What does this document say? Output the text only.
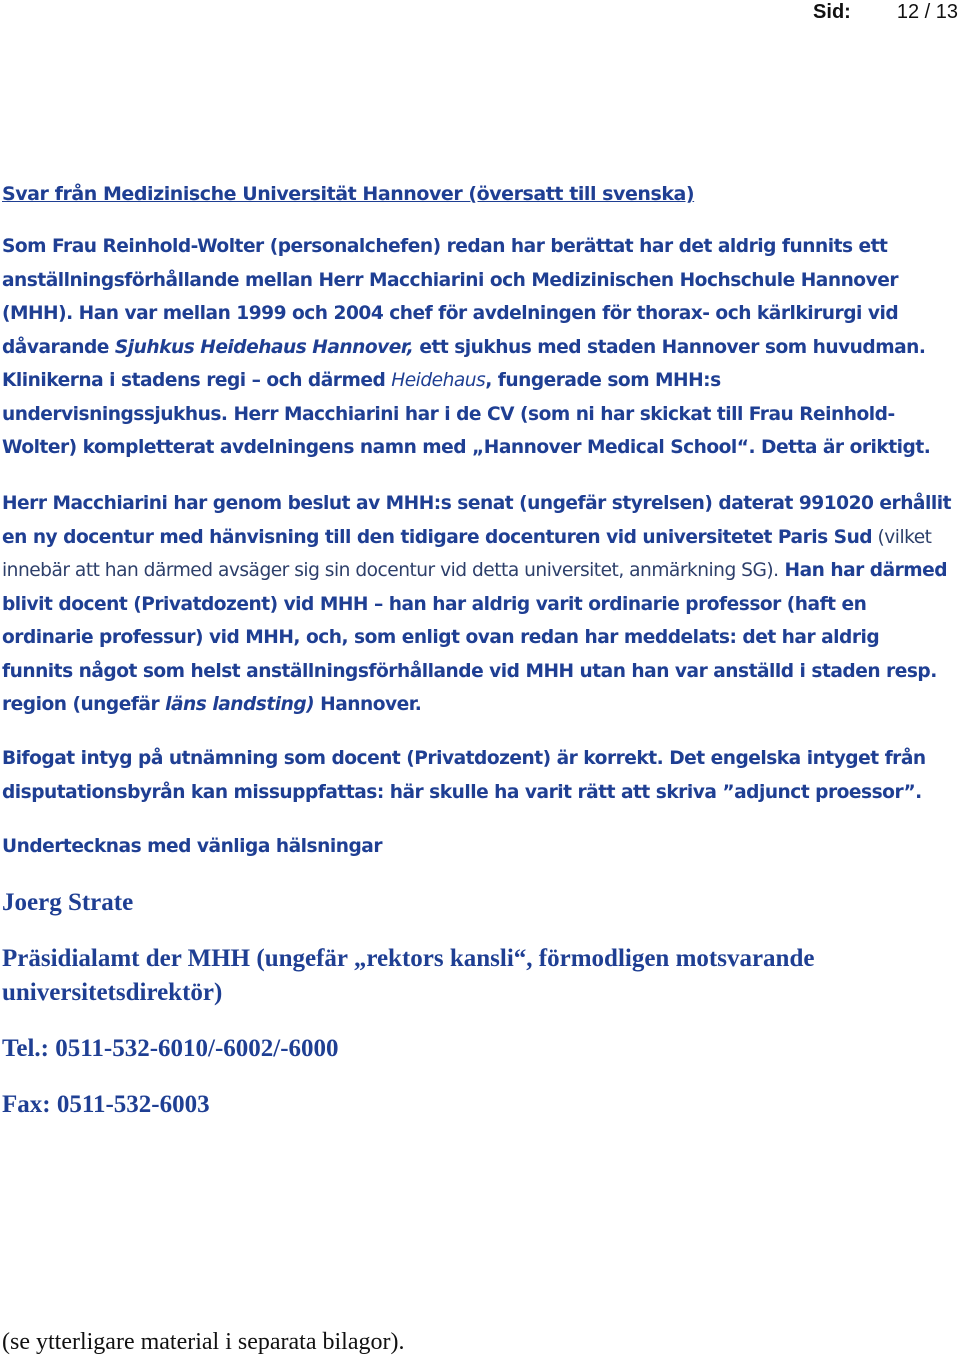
Sid: 12 / 13
Svar från Medizinische Universität Hannover (översatt till svenska)
Som Frau Reinhold-Wolter (personalchefen) redan har berättat har det aldrig funnits ett anställningsförhållande mellan Herr Macchiarini och Medizinischen Hochschule Hannover (MHH). Han var mellan 1999 och 2004 chef för avdelningen för thorax- och kärlkirurgi vid dåvarande Sjuhkus Heidehaus Hannover, ett sjukhus med staden Hannover som huvudman. Klinikerna i stadens regi – och därmed Heidehaus, fungerade som MHH:s undervisningssjukhus. Herr Macchiarini har i de CV (som ni har skickat till Frau Reinhold-Wolter) kompletterat avdelningens namn med „Hannover Medical School“. Detta är oriktigt.
Herr Macchiarini har genom beslut av MHH:s senat (ungefär styrelsen) daterat 991020 erhållit en ny docentur med hänvisning till den tidigare docenturen vid universitetet Paris Sud (vilket innebär att han därmed avsäger sig sin docentur vid detta universitet, anmärkning SG). Han har därmed blivit docent (Privatdozent) vid MHH – han har aldrig varit ordinarie professor (haft en ordinarie professur) vid MHH, och, som enligt ovan redan har meddelats: det har aldrig funnits något som helst anställningsförhållande vid MHH utan han var anställd i staden resp. region (ungefär läns landsting) Hannover.
Bifogat intyg på utnämning som docent (Privatdozent) är korrekt. Det engelska intyget från disputationsbyrån kan missuppfattas: här skulle ha varit rätt att skriva ”adjunct proessor”.
Undertecknas med vänliga hälsningar
Joerg Strate
Präsidialamt der MHH (ungefär „rektors kansli“, förmodligen motsvarande universitetsdirektör)
Tel.: 0511-532-6010/-6002/-6000
Fax: 0511-532-6003
(se ytterligare material i separata bilagor).
